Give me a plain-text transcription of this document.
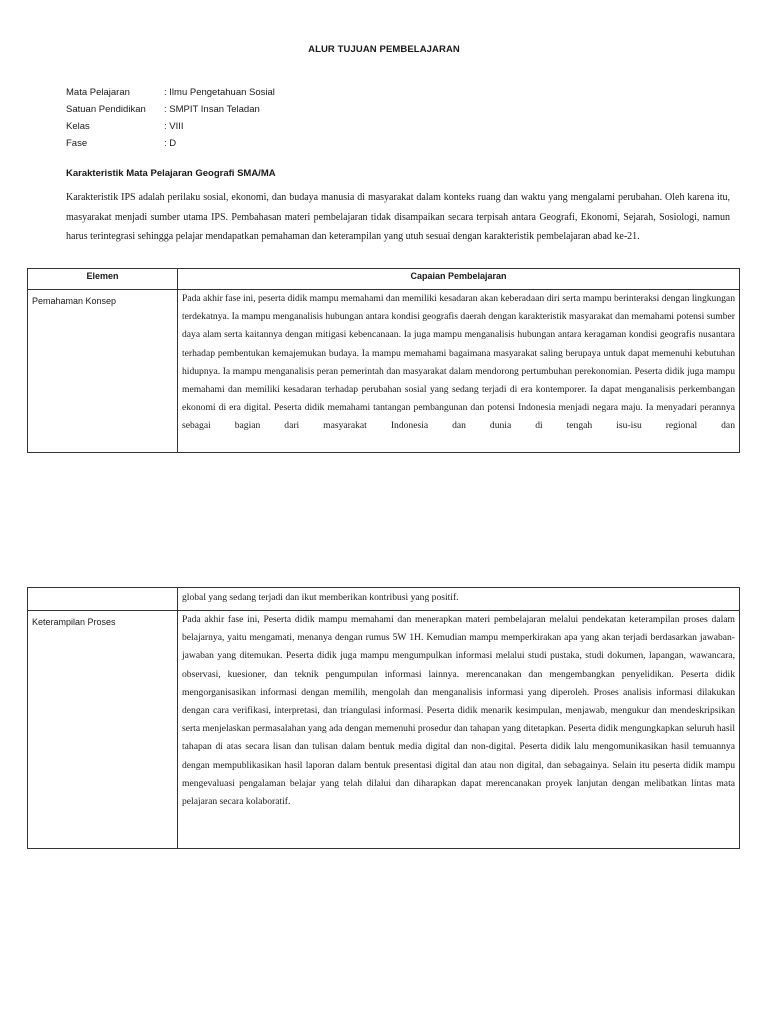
ALUR TUJUAN PEMBELAJARAN
Mata Pelajaran	: Ilmu Pengetahuan Sosial
Satuan Pendidikan	: SMPIT Insan Teladan
Kelas	: VIII
Fase	: D
Karakteristik Mata Pelajaran Geografi SMA/MA

Karakteristik IPS adalah perilaku sosial, ekonomi, dan budaya manusia di masyarakat dalam konteks ruang dan waktu yang mengalami perubahan. Oleh karena itu, masyarakat menjadi sumber utama IPS. Pembahasan materi pembelajaran tidak disampaikan secara terpisah antara Geografi, Ekonomi, Sejarah, Sosiologi, namun harus terintegrasi sehingga pelajar mendapatkan pemahaman dan keterampilan yang utuh sesuai dengan karakteristik pembelajaran abad ke-21.

Elemen	Capaian Pembelajaran

Pemahaman Konsep	Pada akhir fase ini, peserta didik mampu memahami dan memiliki kesadaran akan keberadaan diri serta mampu berinteraksi dengan lingkungan terdekatnya. Ia mampu menganalisis hubungan antara kondisi geografis daerah dengan karakteristik masyarakat dan memahami potensi sumber daya alam serta kaitannya dengan mitigasi kebencanaan. Ia juga mampu menganalisis hubungan antara keragaman kondisi geografis nusantara terhadap pembentukan kemajemukan budaya. Ia mampu memahami bagaimana masyarakat saling berupaya untuk dapat memenuhi kebutuhan hidupnya. Ia mampu menganalisis peran pemerintah dan masyarakat dalam mendorong pertumbuhan perekonomian. Peserta didik juga mampu memahami dan memiliki kesadaran terhadap perubahan sosial yang sedang terjadi di era kontemporer. Ia dapat menganalisis perkembangan ekonomi di era digital. Peserta didik memahami tantangan pembangunan dan potensi Indonesia menjadi negara maju. Ia menyadari perannya sebagai bagian dari masyarakat Indonesia dan dunia di tengah isu-isu regional dan

	global yang sedang terjadi dan ikut memberikan kontribusi yang positif.

Keterampilan Proses	Pada akhir fase ini, Peserta didik mampu memahami dan menerapkan materi pembelajaran melalui pendekatan keterampilan proses dalam belajarnya, yaitu mengamati, menanya dengan rumus 5W 1H. Kemudian mampu memperkirakan apa yang akan terjadi berdasarkan jawaban-jawaban yang ditemukan. Peserta didik juga mampu mengumpulkan informasi melalui studi pustaka, studi dokumen, lapangan, wawancara, observasi, kuesioner, dan teknik pengumpulan informasi lainnya. merencanakan dan mengembangkan penyelidikan. Peserta didik mengorganisasikan informasi dengan memilih, mengolah dan menganalisis informasi yang diperoleh. Proses analisis informasi dilakukan dengan cara verifikasi, interpretasi, dan triangulasi informasi. Peserta didik menarik kesimpulan, menjawab, mengukur dan mendeskripsikan serta menjelaskan permasalahan yang ada dengan memenuhi prosedur dan tahapan yang ditetapkan. Peserta didik mengungkapkan seluruh hasil tahapan di atas secara lisan dan tulisan dalam bentuk media digital dan non-digital. Peserta didik lalu mengomunikasikan hasil temuannya dengan mempublikasikan hasil laporan dalam bentuk presentasi digital dan atau non digital, dan sebagainya. Selain itu peserta didik mampu mengevaluasi pengalaman belajar yang telah dilalui dan diharapkan dapat merencanakan proyek lanjutan dengan melibatkan lintas mata pelajaran secara kolaboratif.
